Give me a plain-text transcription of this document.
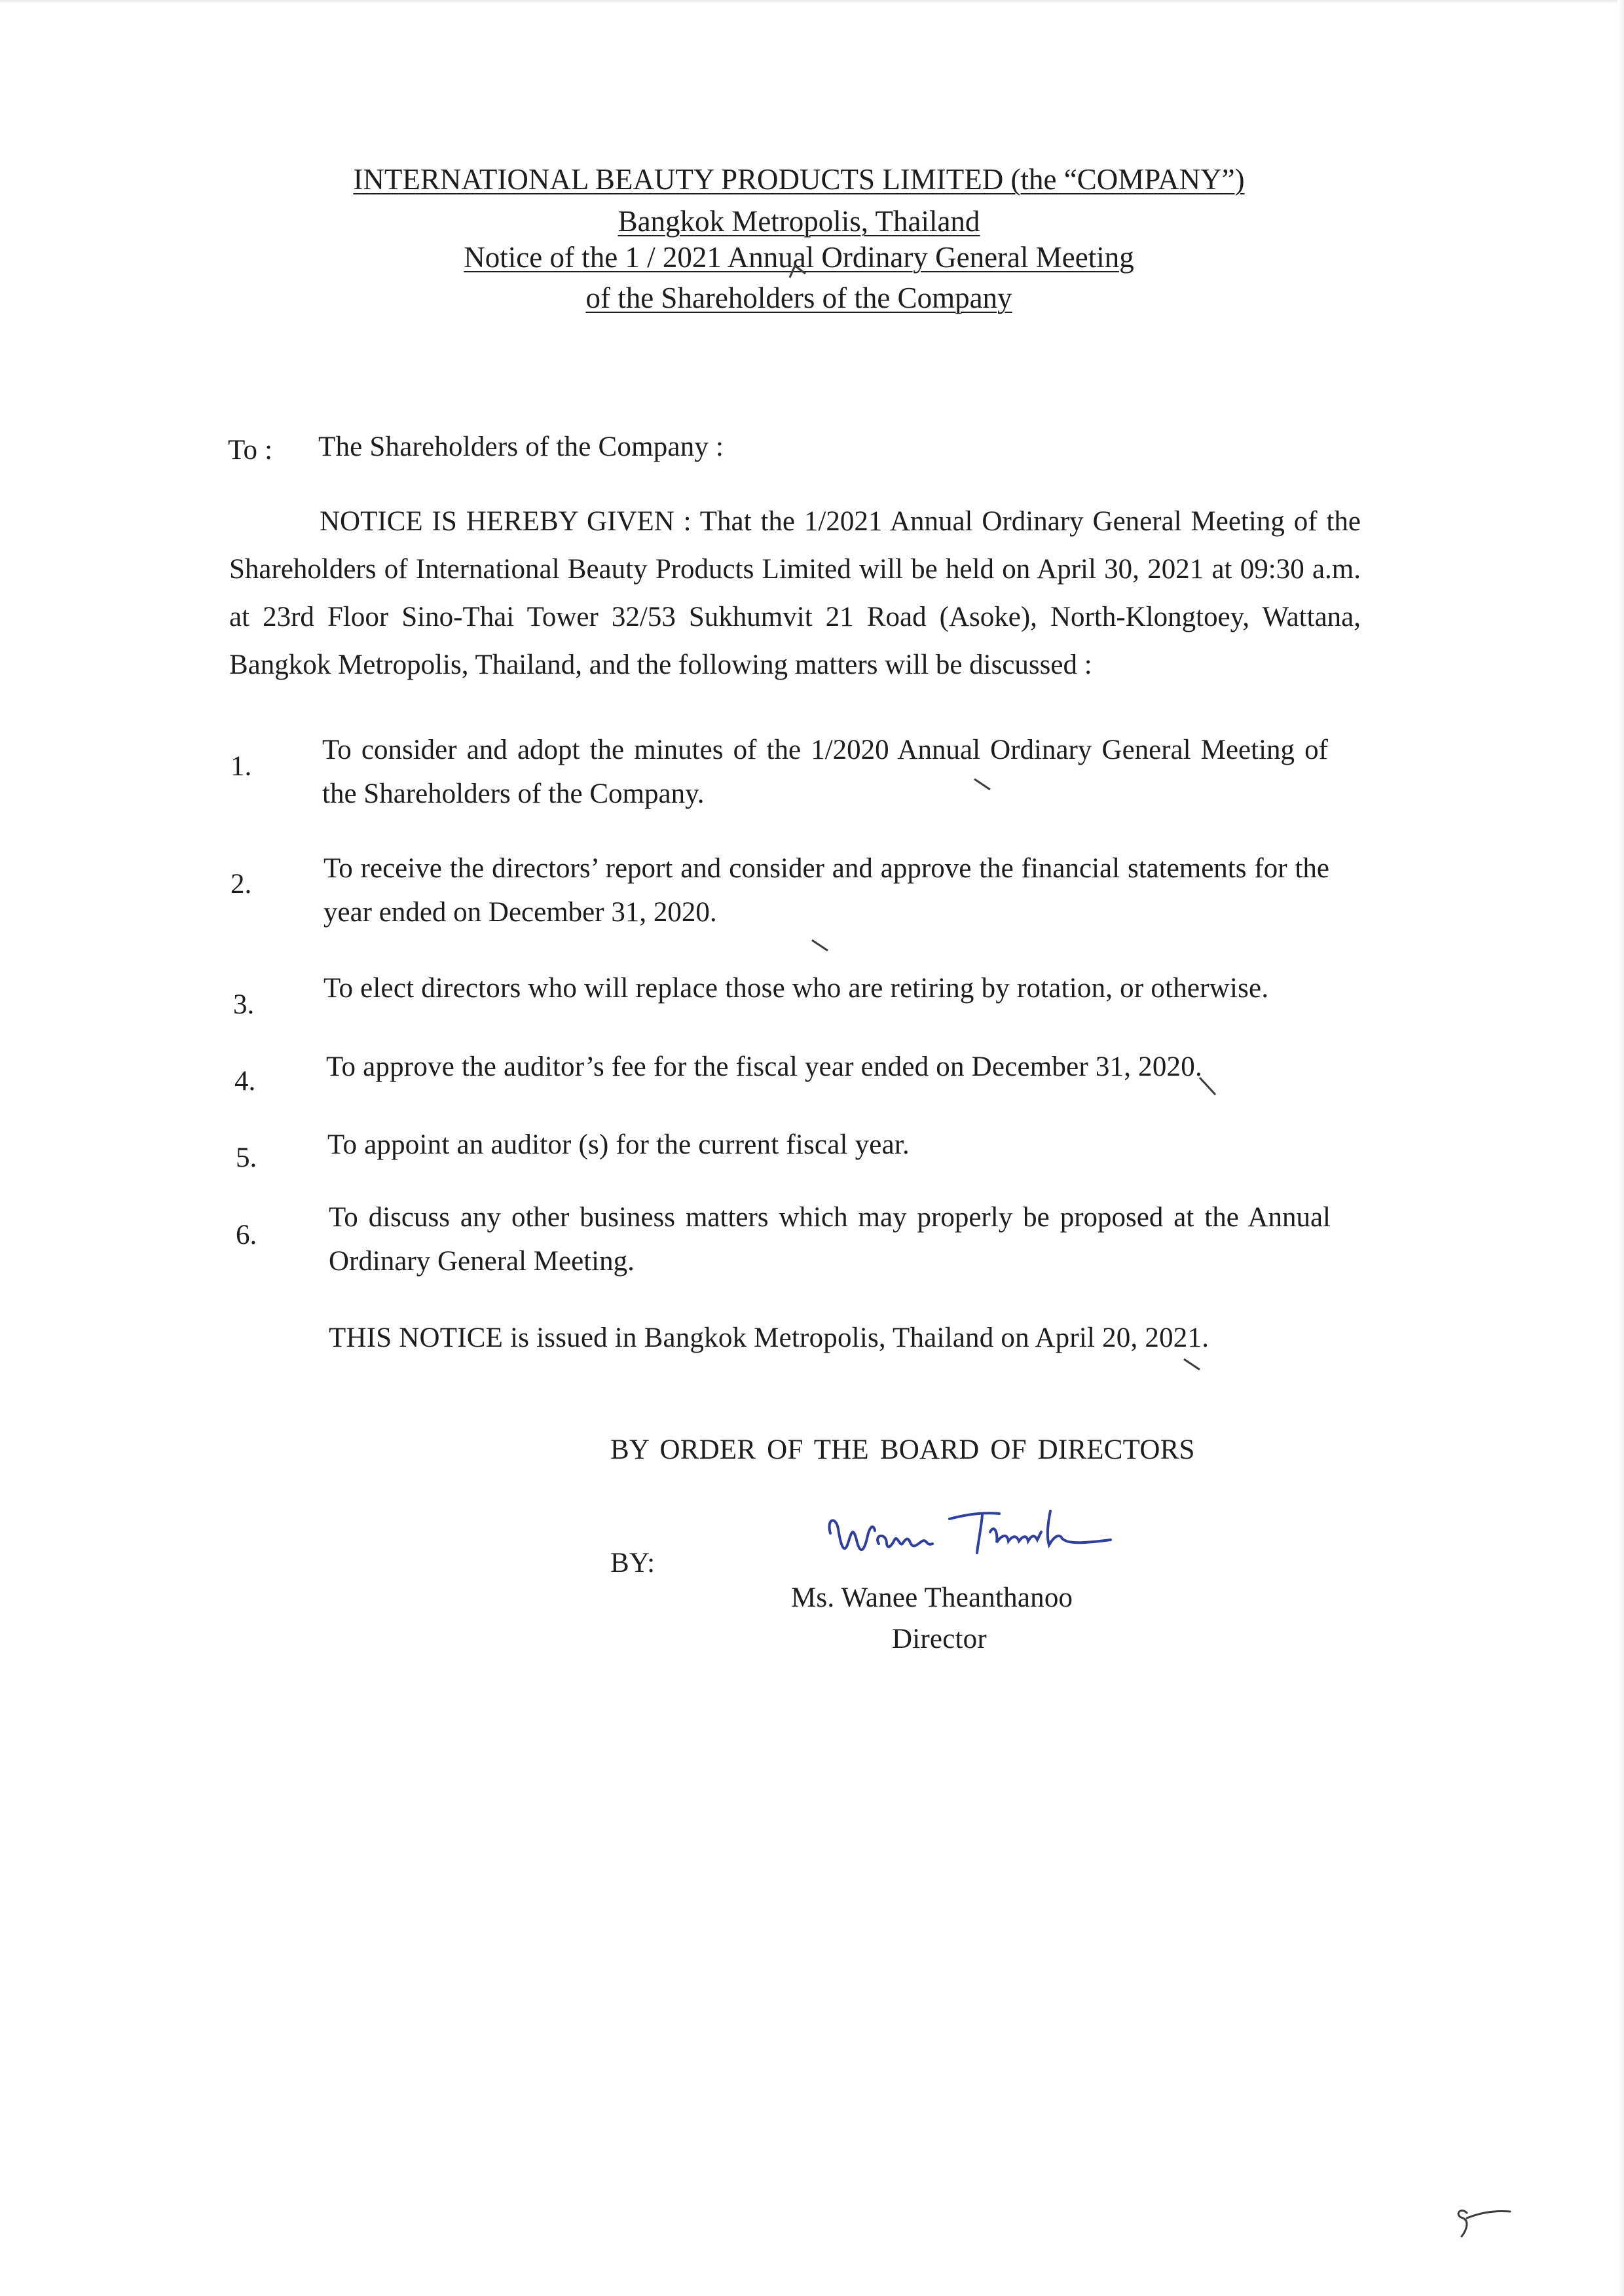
INTERNATIONAL BEAUTY PRODUCTS LIMITED (the “COMPANY”)
Bangkok Metropolis, Thailand
Notice of the 1 / 2021 Annual Ordinary General Meeting
of the Shareholders of the Company
To : The Shareholders of the Company :
NOTICE IS HEREBY GIVEN : That the 1/2021 Annual Ordinary General Meeting of the Shareholders of International Beauty Products Limited will be held on April 30, 2021 at 09:30 a.m. at 23rd Floor Sino-Thai Tower 32/53 Sukhumvit 21 Road (Asoke), North-Klongtoey, Wattana, Bangkok Metropolis, Thailand, and the following matters will be discussed :
1.
To consider and adopt the minutes of the 1/2020 Annual Ordinary General Meeting of the Shareholders of the Company.
2.
To receive the directors’ report and consider and approve the financial statements for the year ended on December 31, 2020.
3.
To elect directors who will replace those who are retiring by rotation, or otherwise.
4.	To approve the auditor’s fee for the fiscal year ended on December 31, 2020.
5.	To appoint an auditor (s) for the current fiscal year.
6.
To discuss any other business matters which may properly be proposed at the Annual Ordinary General Meeting.
THIS NOTICE is issued in Bangkok Metropolis, Thailand on April 20, 2021.
BY ORDER OF THE BOARD OF DIRECTORS
BY:
Ms. Wanee Theanthanoo
Director
